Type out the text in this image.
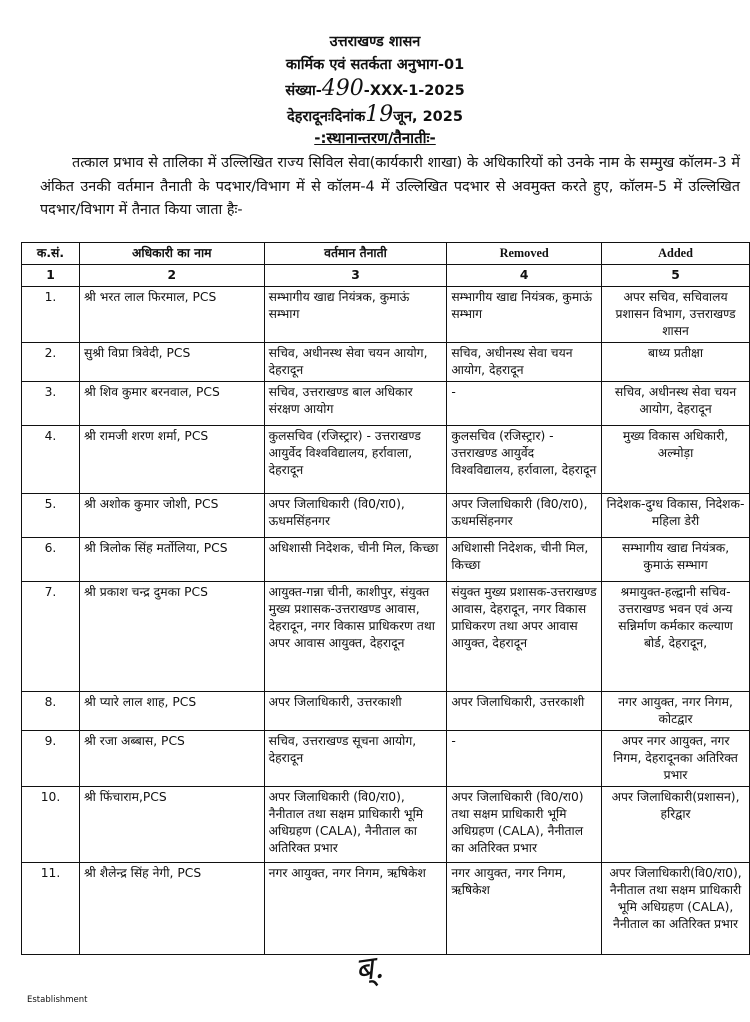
उत्तराखण्ड शासन
कार्मिक एवं सतर्कता अनुभाग-01
संख्या-490-XXX-1-2025
देहरादूनःदिनांक19जून, 2025
-:स्थानान्तरण/तैनातीः-
तत्काल प्रभाव से तालिका में उल्लिखित राज्य सिविल सेवा(कार्यकारी शाखा) के अधिकारियों को उनके नाम के सम्मुख कॉलम-3 में अंकित उनकी वर्तमान तैनाती के पदभार/विभाग में से कॉलम-4 में उल्लिखित पदभार से अवमुक्त करते हुए, कॉलम-5 में उल्लिखित पदभार/विभाग में तैनात किया जाता हैः-
क.सं.	अधिकारी का नाम	वर्तमान तैनाती	Removed	Added
1	2	3	4	5
1.	श्री भरत लाल फिरमाल, PCS	सम्भागीय खाद्य नियंत्रक, कुमाऊं सम्भाग	सम्भागीय खाद्य नियंत्रक, कुमाऊं सम्भाग	अपर सचिव, सचिवालय प्रशासन विभाग, उत्तराखण्ड शासन
2.	सुश्री विप्रा त्रिवेदी, PCS	सचिव, अधीनस्थ सेवा चयन आयोग, देहरादून	सचिव, अधीनस्थ सेवा चयन आयोग, देहरादून	बाध्य प्रतीक्षा
3.	श्री शिव कुमार बरनवाल, PCS	सचिव, उत्तराखण्ड बाल अधिकार संरक्षण आयोग	-	सचिव, अधीनस्थ सेवा चयन आयोग, देहरादून
4.	श्री रामजी शरण शर्मा, PCS	कुलसचिव (रजिस्ट्रार) - उत्तराखण्ड आयुर्वेद विश्वविद्यालय, हर्रावाला, देहरादून	कुलसचिव (रजिस्ट्रार) - उत्तराखण्ड आयुर्वेद विश्वविद्यालय, हर्रावाला, देहरादून	मुख्य विकास अधिकारी, अल्मोड़ा
5.	श्री अशोक कुमार जोशी, PCS	अपर जिलाधिकारी (वि0/रा0), ऊधमसिंहनगर	अपर जिलाधिकारी (वि0/रा0), ऊधमसिंहनगर	निदेशक-दुग्ध विकास, निदेशक-महिला डेरी
6.	श्री त्रिलोक सिंह मर्तोलिया, PCS	अधिशासी निदेशक, चीनी मिल, किच्छा	अधिशासी निदेशक, चीनी मिल, किच्छा	सम्भागीय खाद्य नियंत्रक, कुमाऊं सम्भाग
7.	श्री प्रकाश चन्द्र दुमका PCS	आयुक्त-गन्ना चीनी, काशीपुर, संयुक्त मुख्य प्रशासक-उत्तराखण्ड आवास, देहरादून, नगर विकास प्राधिकरण तथा अपर आवास आयुक्त, देहरादून	संयुक्त मुख्य प्रशासक-उत्तराखण्ड आवास, देहरादून, नगर विकास प्राधिकरण तथा अपर आवास आयुक्त, देहरादून	श्रमायुक्त-हल्द्वानी सचिव-उत्तराखण्ड भवन एवं अन्य सन्निर्माण कर्मकार कल्याण बोर्ड, देहरादून,
8.	श्री प्यारे लाल शाह, PCS	अपर जिलाधिकारी, उत्तरकाशी	अपर जिलाधिकारी, उत्तरकाशी	नगर आयुक्त, नगर निगम, कोटद्वार
9.	श्री रजा अब्बास, PCS	सचिव, उत्तराखण्ड सूचना आयोग, देहरादून	-	अपर नगर आयुक्त, नगर निगम, देहरादूनका अतिरिक्त प्रभार
10.	श्री फिंचाराम,PCS	अपर जिलाधिकारी (वि0/रा0), नैनीताल तथा सक्षम प्राधिकारी भूमि अधिग्रहण (CALA), नैनीताल का अतिरिक्त प्रभार	अपर जिलाधिकारी (वि0/रा0) तथा सक्षम प्राधिकारी भूमि अधिग्रहण (CALA), नैनीताल का अतिरिक्त प्रभार	अपर जिलाधिकारी(प्रशासन), हरिद्वार
11.	श्री शैलेन्द्र सिंह नेगी, PCS	नगर आयुक्त, नगर निगम, ऋषिकेश	नगर आयुक्त, नगर निगम, ऋषिकेश	अपर जिलाधिकारी(वि0/रा0), नैनीताल तथा सक्षम प्राधिकारी भूमि अधिग्रहण (CALA), नैनीताल का अतिरिक्त प्रभार
ब्.
Establishment
